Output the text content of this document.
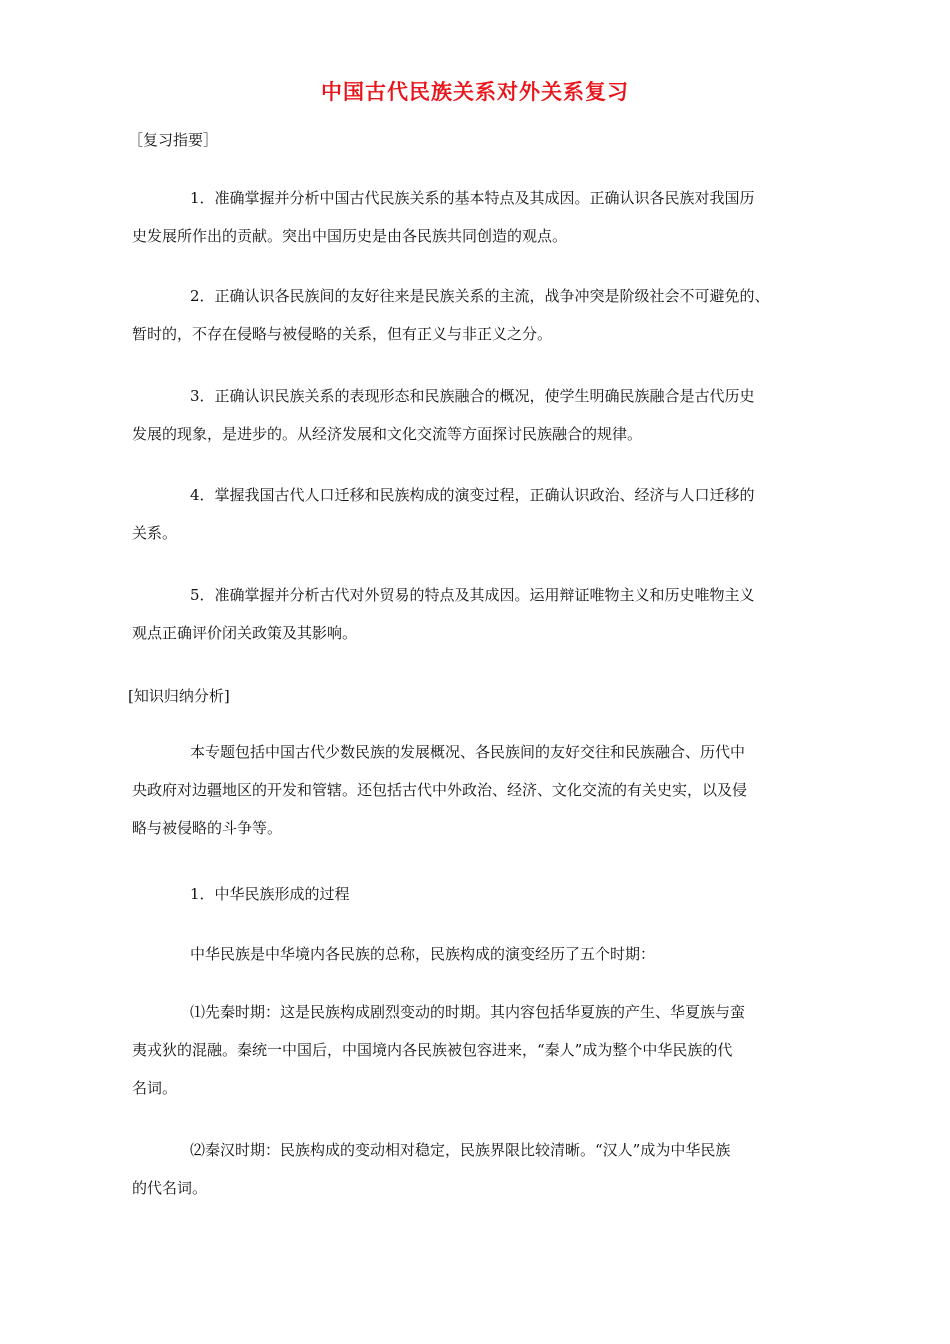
中国古代民族关系对外关系复习
［复习指要］
1．准确掌握并分析中国古代民族关系的基本特点及其成因。正确认识各民族对我国历
史发展所作出的贡献。突出中国历史是由各民族共同创造的观点。
2．正确认识各民族间的友好往来是民族关系的主流，战争冲突是阶级社会不可避免的、
暂时的，不存在侵略与被侵略的关系，但有正义与非正义之分。
3．正确认识民族关系的表现形态和民族融合的概况，使学生明确民族融合是古代历史
发展的现象，是进步的。从经济发展和文化交流等方面探讨民族融合的规律。
4．掌握我国古代人口迁移和民族构成的演变过程，正确认识政治、经济与人口迁移的
关系。
5．准确掌握并分析古代对外贸易的特点及其成因。运用辩证唯物主义和历史唯物主义
观点正确评价闭关政策及其影响。
[知识归纳分析]
本专题包括中国古代少数民族的发展概况、各民族间的友好交往和民族融合、历代中
央政府对边疆地区的开发和管辖。还包括古代中外政治、经济、文化交流的有关史实，以及侵
略与被侵略的斗争等。
1．中华民族形成的过程
中华民族是中华境内各民族的总称，民族构成的演变经历了五个时期：
⑴先秦时期：这是民族构成剧烈变动的时期。其内容包括华夏族的产生、华夏族与蛮
夷戎狄的混融。秦统一中国后，中国境内各民族被包容进来，“秦人”成为整个中华民族的代
名词。
⑵秦汉时期：民族构成的变动相对稳定，民族界限比较清晰。“汉人”成为中华民族
的代名词。
